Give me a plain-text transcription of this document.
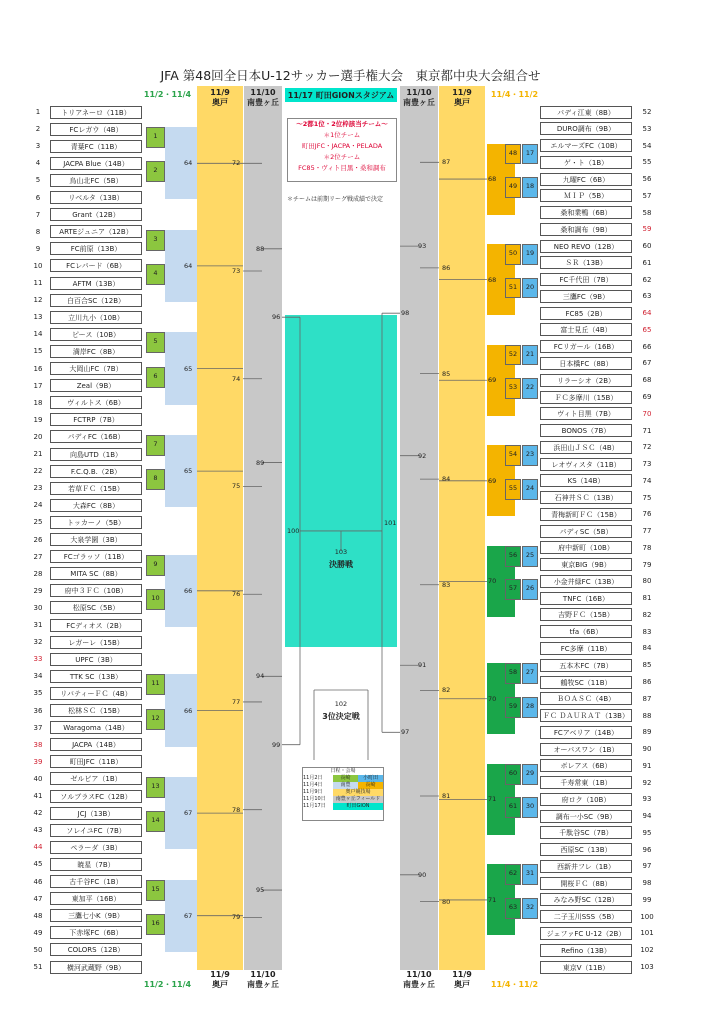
JFA 第48回全日本U-12サッカー選手権大会　東京都中央大会組合せ
11/2・11/4	11/9
奥戸
11/10
南豊ヶ丘
11/17 町田GIONスタジアム	11/10
南豊ヶ丘
11/9
奥戸
11/4・11/2
11/2・11/4
11/9
奥戸
11/10
南豊ヶ丘
11/10
南豊ヶ丘
11/9
奥戸	11/4・11/2
～2都1位・2位枠該当チーム～
＊1位チーム
町田JFC・JACPA・PELADA
＊2位チーム
FC85・ヴィト目黒・桑和調布
＊チームは前期リーグ戦成績で決定
103
決勝戦
102
3位決定戦
1	トリアネーロ（11B）
2	FCレガウ（4B）
3	青葉FC（11B）
4	JACPA Blue（14B）
5	烏山北FC（5B）
6	リベルタ（13B）
7	Grant（12B）
8	ARTEジュニア（12B）
9	FC前原（13B）
10	FCレパード（6B）
11	AFTM（13B）
12	白百合SC（12B）
13	立川九小（10B）
14	ピース（10B）
15	満岸FC（8B）
16	大岡山FC（7B）
17	Zeal（9B）
18	ヴィルトス（6B）
19	FCTRP（7B）
20	パディFC（16B）
21	向島UTD（1B）
22	F.C.Q.B.（2B）
23	若草ＦＣ（15B）
24	大森FC（8B）
25	トッカーノ（5B）
26	大泉学園（3B）
27	FCゴラッソ（11B）
28	MITA SC（8B）
29	府中３ＦＣ（10B）
30	松原SC（5B）
31	FCディオス（2B）
32	レガーレ（15B）
33	UPFC（3B）
34	TTK SC（13B）
35	リバティーＦＣ（4B）
36	松林ＳＣ（15B）
37	Waragoma（14B）
38	JACPA（14B）
39	町田JFC（11B）
40	ゼルビア（1B）
41	ソルブラスFC（12B）
42	JCJ（13B）
43	ソレイユFC（7B）
44	ペラーダ（3B）
45	暁星（7B）
46	古千谷FC（1B）
47	東加平（16B）
48	三鷹七小K（9B）
49	下赤塚FC（6B）
50	COLORS（12B）
51	横河武蔵野（9B）
パディ江東（8B）	52
DURO調布（9B）	53
エルマーズFC（10B）	54
ゲ・ト（1B）	55
九曜FC（6B）	56
ＭＩＰ（5B）	57
桑和業鴨（6B）	58
桑和調布（9B）	59
NEO REVO（12B）	60
ＳＲ（13B）	61
FC千代田（7B）	62
三鷹FC（9B）	63
FC85（2B）	64
富士見丘（4B）	65
FCリガール（16B）	66
日本橋FC（8B）	67
リラーシオ（2B）	68
ＦＣ多摩川（15B）	69
ヴィト目黒（7B）	70
BONOS（7B）	71
浜田山ＪＳＣ（4B）	72
レオヴィスタ（11B）	73
KS（14B）	74
石神井ＳＣ（13B）	75
青梅新町ＦＣ（15B）	76
パディSC（5B）	77
府中新町（10B）	78
東京BIG（9B）	79
小金井緑FC（13B）	80
TNFC（16B）	81
吉野ＦＣ（15B）	82
tfa（6B）	83
FC多摩（11B）	84
五本木FC（7B）	85
鶴牧SC（11B）	86
ＢＯＡＳＣ（4B）	87
ＦＣ ＤＡＵＲＡＴ（13B）	88
FCアベリア（14B）	89
オーパスワン（1B）	90
ボレアス（6B）	91
千寿常東（1B）	92
府ロク（10B）	93
調布一小SC（9B）	94
千駄谷SC（7B）	95
西原SC（13B）	96
西新井フレ（1B）	97
開桜ＦＣ（8B）	98
みなみ野SC（12B）	99
二子玉川SSS（5B）	100
ジェファFC U-12（2B）	101
Refino（13B）	102
東京V（11B）	103
1
2
64
3
4
64
5
6
65
7
8
65
9
10
66
11
12
66
13
14
67
15
16
67
72
73
74
75
76
77
78
79
88
89
94
95
96
99
100
17
18
48
49
68
19
20
50
51
68
21
22
52
53
69
23
24
54
55
69
25
26
56
57
70
27
28
58
59
70
29
30
60
61
71
31
32
62
63
71
87
86
85
84
83
82
81
80
93
92
91
90
98
97
101
日程・会場
11月2日	長崎	小町田
11月4日	南豊	長崎
11月9日	奥戸競技場
11月10日	南豊ヶ丘フィールド
11月17日	町田GION
